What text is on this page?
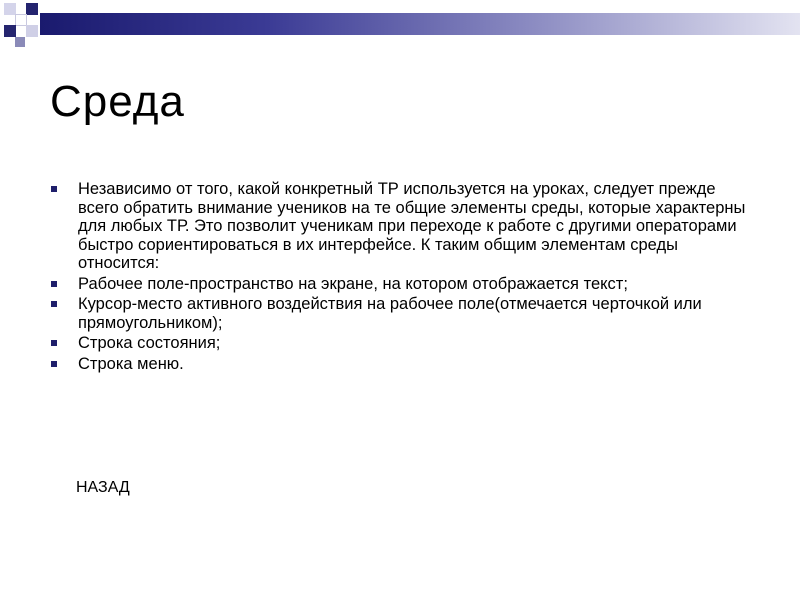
Среда
Независимо от того, какой конкретный ТР используется на уроках, следует прежде всего обратить внимание учеников на те общие элементы среды, которые характерны для любых ТР. Это позволит ученикам при переходе к работе с другими операторами быстро сориентироваться в их интерфейсе. К таким общим элементам среды относится:
Рабочее поле-пространство на экране, на котором отображается текст;
Курсор-место активного воздействия на рабочее поле(отмечается черточкой или прямоугольником);
Строка состояния;
Строка меню.
НАЗАД
